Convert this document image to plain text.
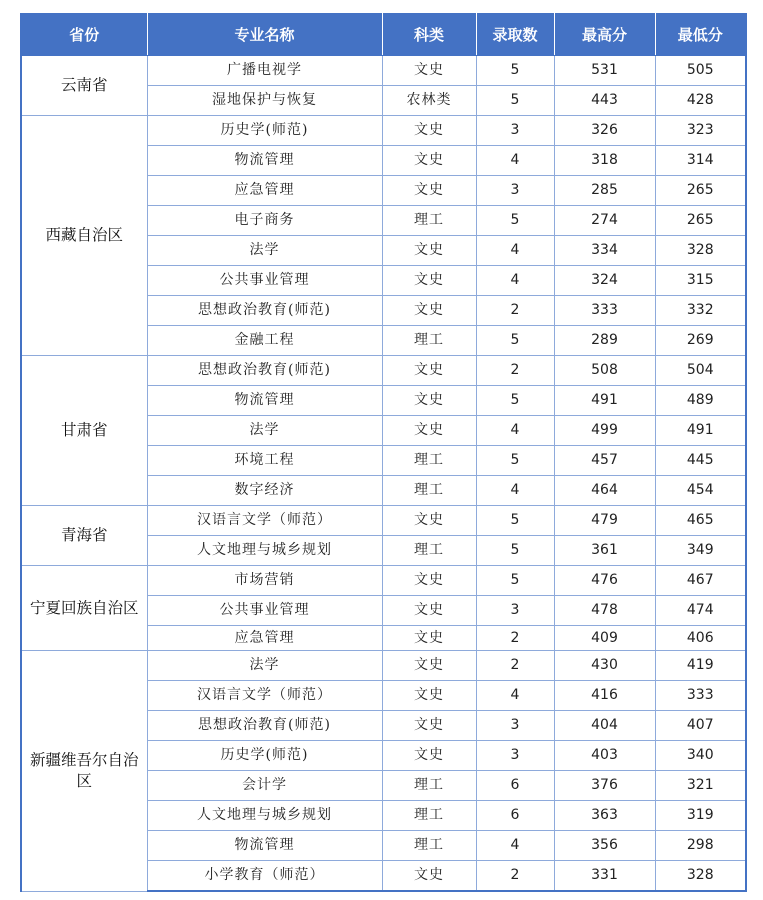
省份	专业名称	科类	录取数	最高分	最低分
云南省	广播电视学	文史	5	531	505
	湿地保护与恢复	农林类	5	443	428
西藏自治区	历史学(师范)	文史	3	326	323
	物流管理	文史	4	318	314
	应急管理	文史	3	285	265
	电子商务	理工	5	274	265
	法学	文史	4	334	328
	公共事业管理	文史	4	324	315
	思想政治教育(师范)	文史	2	333	332
	金融工程	理工	5	289	269
甘肃省	思想政治教育(师范)	文史	2	508	504
	物流管理	文史	5	491	489
	法学	文史	4	499	491
	环境工程	理工	5	457	445
	数字经济	理工	4	464	454
青海省	汉语言文学（师范）	文史	5	479	465
	人文地理与城乡规划	理工	5	361	349
宁夏回族自治区	市场营销	文史	5	476	467
	公共事业管理	文史	3	478	474
	应急管理	文史	2	409	406
新疆维吾尔自治区	法学	文史	2	430	419
	汉语言文学（师范）	文史	4	416	333
	思想政治教育(师范)	文史	3	404	407
	历史学(师范)	文史	3	403	340
	会计学	理工	6	376	321
	人文地理与城乡规划	理工	6	363	319
	物流管理	理工	4	356	298
	小学教育（师范）	文史	2	331	328
